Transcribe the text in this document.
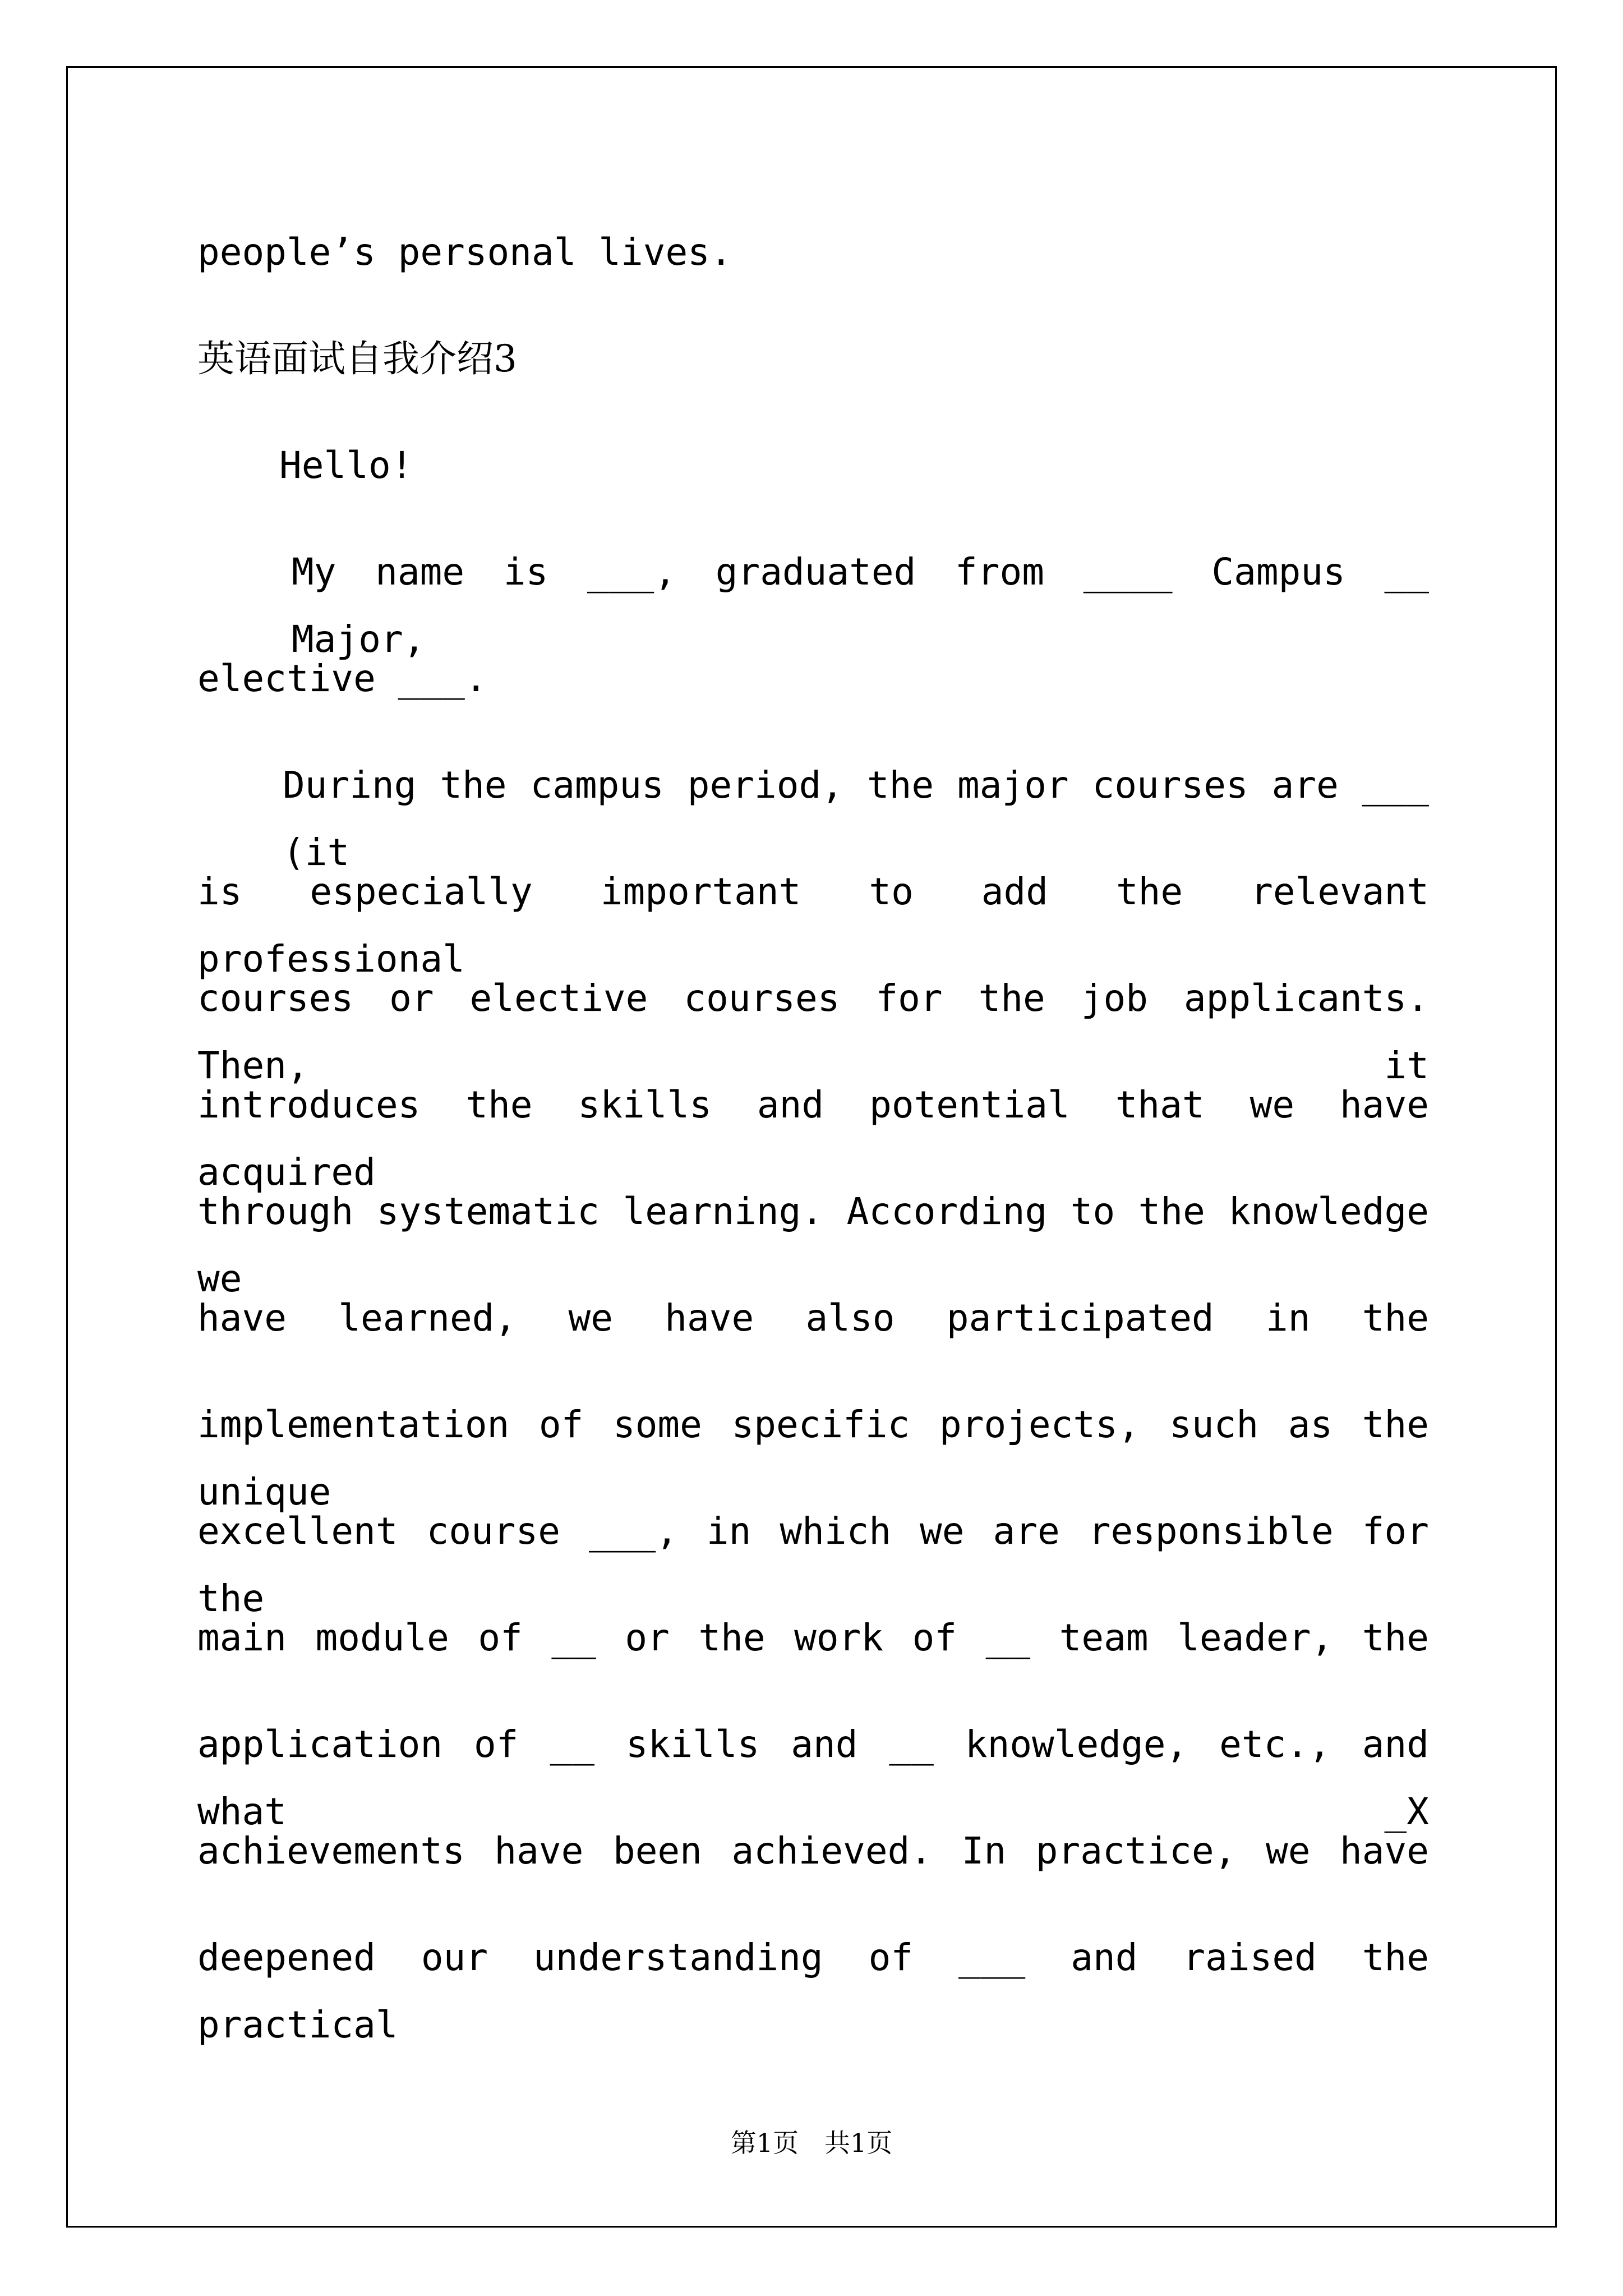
people’s personal lives.
英语面试自我介绍3
Hello!
My name is ___, graduated from ____ Campus __ Major,
elective ___.
During the campus period, the major courses are ___ (it
is especially important to add the relevant professional
courses or elective courses for the job applicants. Then, it
introduces the skills and potential that we have acquired
through systematic learning. According to the knowledge we
have learned, we have also participated in the
implementation of some specific projects, such as the unique
excellent course ___, in which we are responsible for the
main module of __ or the work of __ team leader, the
application of __ skills and __ knowledge, etc., and what _X
achievements have been achieved. In practice, we have
deepened our understanding of ___ and raised the practical
第1页　共1页
